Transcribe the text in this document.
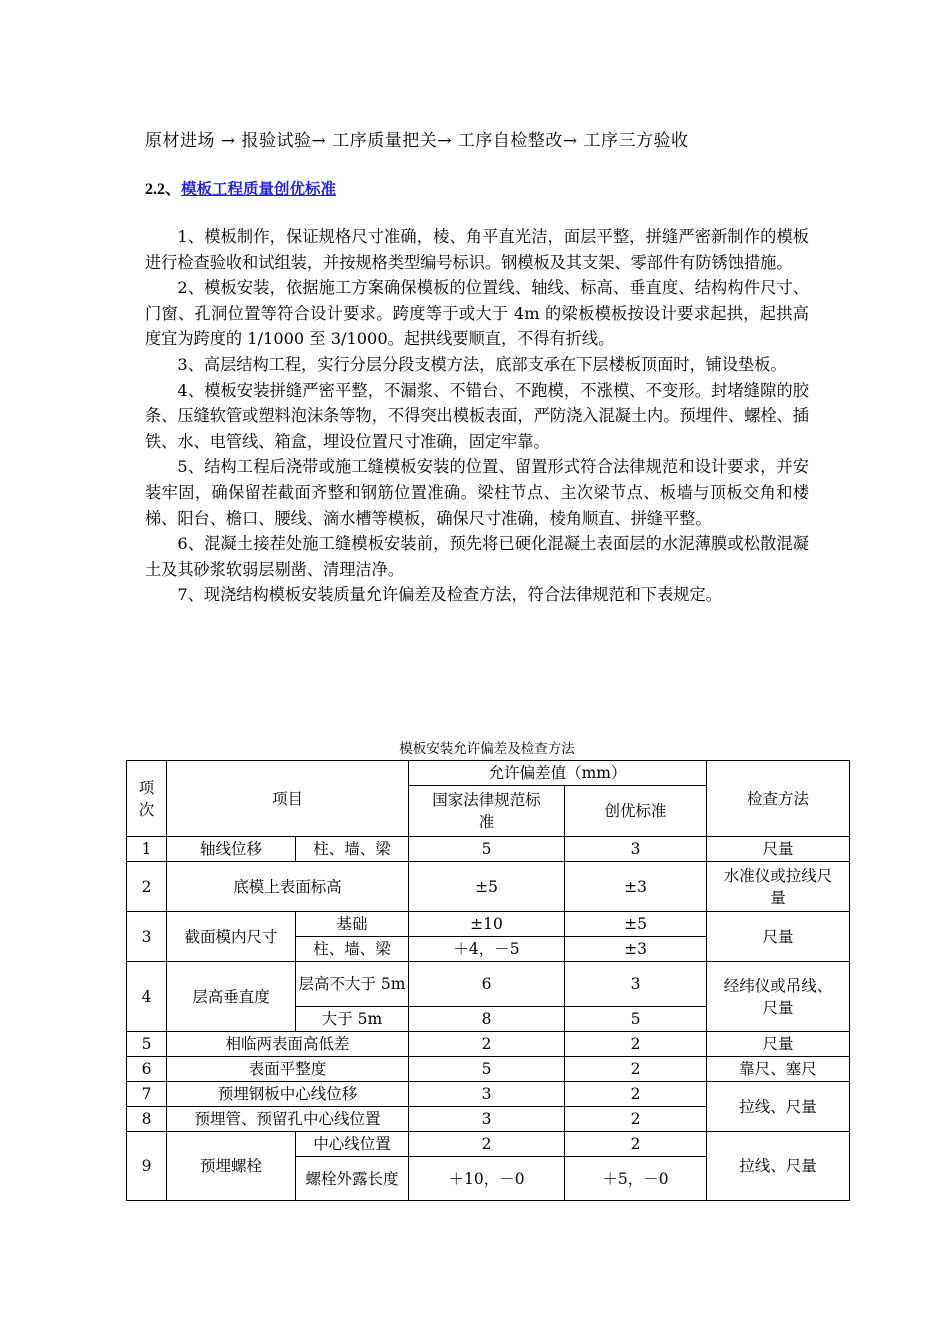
原材进场 → 报验试验→ 工序质量把关→ 工序自检整改→ 工序三方验收
2.2、模板工程质量创优标准

1、模板制作，保证规格尺寸准确，棱、角平直光洁，面层平整，拼缝严密新制作的模板进行检查验收和试组装，并按规格类型编号标识。钢模板及其支架、零部件有防锈蚀措施。

2、模板安装，依据施工方案确保模板的位置线、轴线、标高、垂直度、结构构件尺寸、门窗、孔洞位置等符合设计要求。跨度等于或大于 4m 的梁板模板按设计要求起拱，起拱高度宜为跨度的 1/1000 至 3/1000。起拱线要顺直，不得有折线。

3、高层结构工程，实行分层分段支模方法，底部支承在下层楼板顶面时，铺设垫板。

4、模板安装拼缝严密平整，不漏浆、不错台、不跑模，不涨模、不变形。封堵缝隙的胶条、压缝软管或塑料泡沫条等物，不得突出模板表面，严防浇入混凝土内。预埋件、螺栓、插铁、水、电管线、箱盒，埋设位置尺寸准确，固定牢靠。

5、结构工程后浇带或施工缝模板安装的位置、留置形式符合法律规范和设计要求，并安装牢固，确保留茬截面齐整和钢筋位置准确。梁柱节点、主次梁节点、板墙与顶板交角和楼梯、阳台、檐口、腰线、滴水槽等模板，确保尺寸准确，棱角顺直、拼缝平整。

6、混凝土接茬处施工缝模板安装前，预先将已硬化混凝土表面层的水泥薄膜或松散混凝土及其砂浆软弱层剔凿、清理洁净。

7、现浇结构模板安装质量允许偏差及检查方法，符合法律规范和下表规定。

模板安装允许偏差及检查方法
项
次	项目		允许偏差值（mm）		检查方法
			国家法律规范标准	创优标准	
1	轴线位移	柱、墙、梁	5	3	尺量
2	底模上表面标高		±5	±3	水准仪或拉线尺量
3	截面模内尺寸	基础	±10	±5	尺量
		柱、墙、梁	＋4，－5	±3	
4	层高垂直度	层高不大于 5m	6	3	经纬仪或吊线、尺量
		大于 5m	8	5	
5	相临两表面高低差		2	2	尺量
6	表面平整度		5	2	靠尺、塞尺
7	预埋钢板中心线位移		3	2	拉线、尺量
8	预埋管、预留孔中心线位置		3	2	
9	预埋螺栓	中心线位置	2	2	拉线、尺量
		螺栓外露长度	＋10，－0	＋5，－0	
